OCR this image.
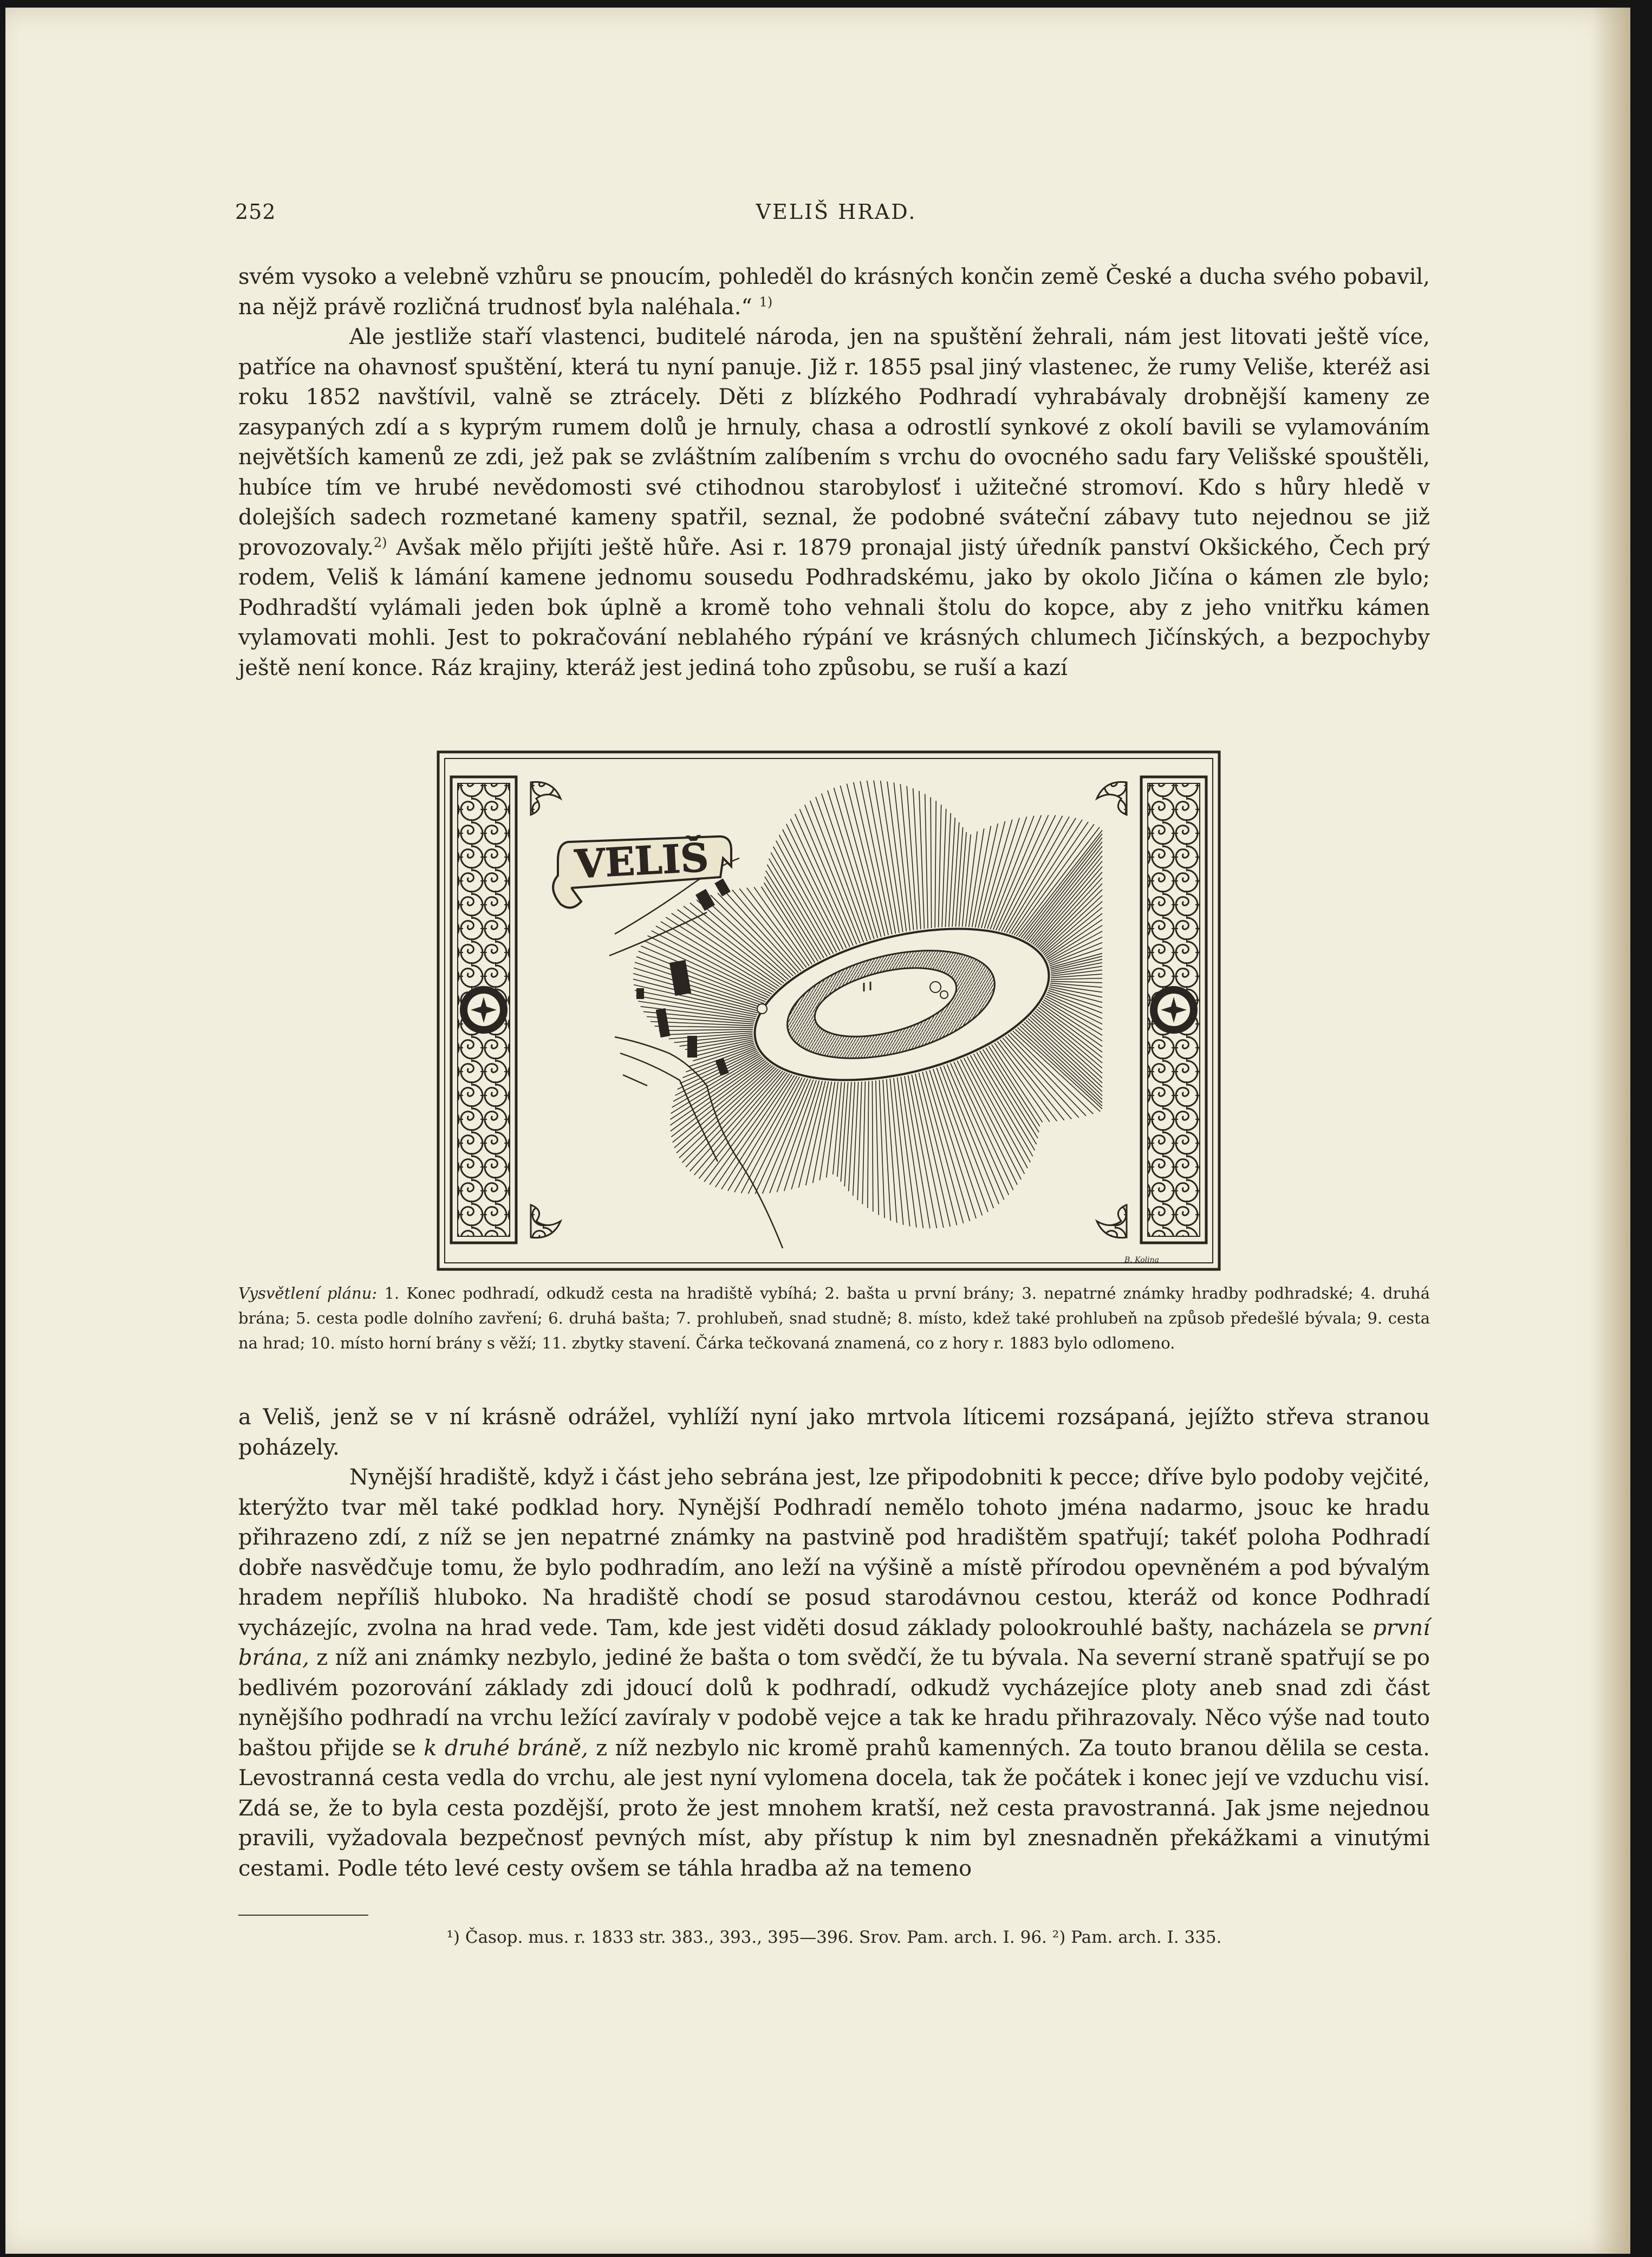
252	VELIŠ HRAD.

svém vysoko a velebně vzhůru se pnoucím, pohleděl do krásných končin země České a ducha svého pobavil, na nějž právě rozličná trudnosť byla naléhala.“ $^{1)}$

Ale jestliže staří vlastenci, buditelé národa, jen na spuštění žehrali, nám jest litovati ještě více, patříce na ohavnosť spuštění, která tu nyní panuje. Již r. 1855 psal jiný vlastenec, že rumy Veliše, kteréž asi roku 1852 navštívil, valně se ztrácely. Děti z blízkého Podhradí vyhrabávaly drobnější kameny ze zasypaných zdí a s kyprým rumem dolů je hrnuly, chasa a odrostlí synkové z okolí bavili se vylamováním největších kamenů ze zdi, jež pak se zvláštním zalíbením s vrchu do ovocného sadu fary Velišské spouštěli, hubíce tím ve hrubé nevědomosti své ctihodnou starobylosť i užitečné stromoví. Kdo s hůry hledě v dolejších sadech rozmetané kameny spatřil, seznal, že podobné sváteční zábavy tuto nejednou se již provozovaly.$^{2)}$ Avšak mělo přijíti ještě hůře. Asi r. 1879 pronajal jistý úředník panství Okšického, Čech prý rodem, Veliš k lámání kamene jednomu sousedu Podhradskému, jako by okolo Jičína o kámen zle bylo; Podhradští vylámali jeden bok úplně a kromě toho vehnali štolu do kopce, aby z jeho vnitřku kámen vylamovati mohli. Jest to pokračování neblahého rýpání ve krásných chlumech Jičínských, a bezpochyby ještě není konce. Ráz krajiny, kteráž jest jediná toho způsobu, se ruší a kazí

VELIŠ
B. Kolina
Vysvětlení plánu: 1. Konec podhradí, odkudž cesta na hradiště vybíhá; 2. bašta u první brány; 3. nepatrné známky hradby podhradské; 4. druhá brána; 5. cesta podle dolního zavření; 6. druhá bašta; 7. prohlubeň, snad studně; 8. místo, kdež také prohlubeň na způsob předešlé bývala; 9. cesta na hrad; 10. místo horní brány s věží; 11. zbytky stavení. Čárka tečkovaná znamená, co z hory r. 1883 bylo odlomeno.

a Veliš, jenž se v ní krásně odrážel, vyhlíží nyní jako mrtvola líticemi rozsápaná, jejížto střeva stranou poházely.

Nynější hradiště, když i část jeho sebrána jest, lze připodobniti k pecce; dříve bylo podoby vejčité, kterýžto tvar měl také podklad hory. Nynější Podhradí nemělo tohoto jména nadarmo, jsouc ke hradu přihrazeno zdí, z níž se jen nepatrné známky na pastvině pod hradištěm spatřují; takéť poloha Podhradí dobře nasvědčuje tomu, že bylo podhradím, ano leží na výšině a místě přírodou opevněném a pod bývalým hradem nepříliš hluboko. Na hradiště chodí se posud starodávnou cestou, kteráž od konce Podhradí vycházejíc, zvolna na hrad vede. Tam, kde jest viděti dosud základy polookrouhlé bašty, nacházela se první brána, z níž ani známky nezbylo, jediné že bašta o tom svědčí, že tu bývala. Na severní straně spatřují se po bedlivém pozorování základy zdi jdoucí dolů k podhradí, odkudž vycházejíce ploty aneb snad zdi část nynějšího podhradí na vrchu ležící zavíraly v podobě vejce a tak ke hradu přihrazovaly. Něco výše nad touto baštou přijde se k druhé bráně, z níž nezbylo nic kromě prahů kamenných. Za touto branou dělila se cesta. Levostranná cesta vedla do vrchu, ale jest nyní vylomena docela, tak že počátek i konec její ve vzduchu visí. Zdá se, že to byla cesta pozdější, proto že jest mnohem kratší, než cesta pravostranná. Jak jsme nejednou pravili, vyžadovala bezpečnosť pevných míst, aby přístup k nim byl znesnadněn překážkami a vinutými cestami. Podle této levé cesty ovšem se táhla hradba až na temeno

¹) Časop. mus. r. 1833 str. 383., 393., 395—396. Srov. Pam. arch. I. 96. ²) Pam. arch. I. 335.
